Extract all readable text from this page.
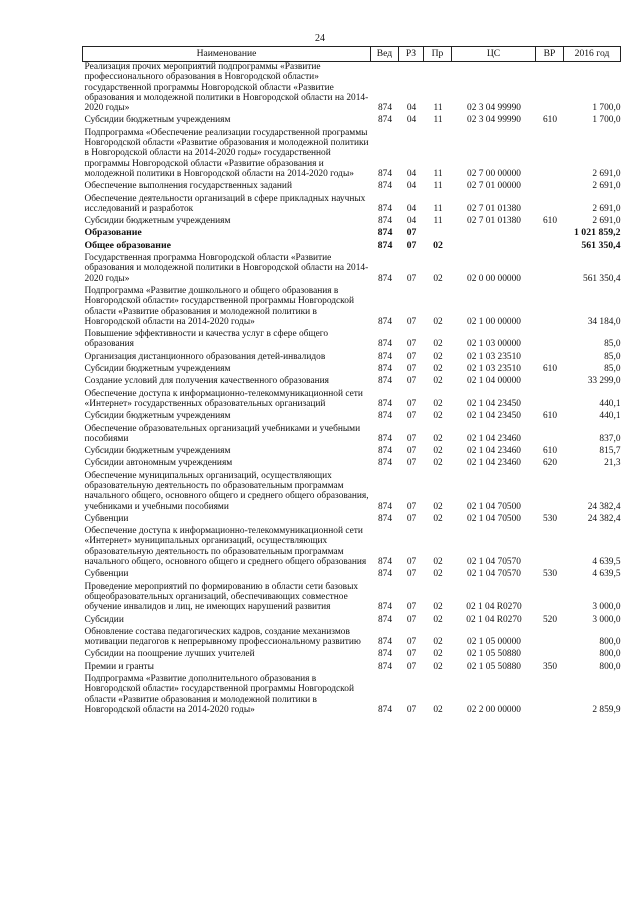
24
Наименование	Вед	РЗ	Пр	ЦС	ВР	2016 год
Реализация прочих мероприятий подпрограммы «Развитие профессионального образования в Новгородской области» государственной программы Новгородской области «Развитие образования и молодежной политики в Новгородской области на 2014-2020 годы»	874	04	11	02 3 04 99990		1 700,0
Субсидии бюджетным учреждениям	874	04	11	02 3 04 99990	610	1 700,0
Подпрограмма «Обеспечение реализации государственной программы Новгородской области «Развитие образования и молодежной политики в Новгородской области на 2014-2020 годы» государственной программы Новгородской области «Развитие образования и молодежной политики в Новгородской области на 2014-2020 годы»	874	04	11	02 7 00 00000		2 691,0
Обеспечение выполнения государственных заданий	874	04	11	02 7 01 00000		2 691,0
Обеспечение деятельности организаций в сфере прикладных научных исследований и разработок	874	04	11	02 7 01 01380		2 691,0
Субсидии бюджетным учреждениям	874	04	11	02 7 01 01380	610	2 691,0
Образование	874	07				1 021 859,2
Общее образование	874	07	02			561 350,4
Государственная программа Новгородской области «Развитие образования и молодежной политики в Новгородской области на 2014-2020 годы»	874	07	02	02 0 00 00000		561 350,4
Подпрограмма «Развитие дошкольного и общего образования в Новгородской области» государственной программы Новгородской области «Развитие образования и молодежной политики в Новгородской области на 2014-2020 годы»	874	07	02	02 1 00 00000		34 184,0
Повышение эффективности и качества услуг в сфере общего образования	874	07	02	02 1 03 00000		85,0
Организация дистанционного образования детей-инвалидов	874	07	02	02 1 03 23510		85,0
Субсидии бюджетным учреждениям	874	07	02	02 1 03 23510	610	85,0
Создание условий для получения качественного образования	874	07	02	02 1 04 00000		33 299,0
Обеспечение доступа к информационно-телекоммуникационной сети «Интернет» государственных образовательных организаций	874	07	02	02 1 04 23450		440,1
Субсидии бюджетным учреждениям	874	07	02	02 1 04 23450	610	440,1
Обеспечение образовательных организаций учебниками и учебными пособиями	874	07	02	02 1 04 23460		837,0
Субсидии бюджетным учреждениям	874	07	02	02 1 04 23460	610	815,7
Субсидии автономным учреждениям	874	07	02	02 1 04 23460	620	21,3
Обеспечение муниципальных организаций, осуществляющих образовательную деятельность по образовательным программам начального общего, основного общего и среднего общего образования, учебниками и учебными пособиями	874	07	02	02 1 04 70500		24 382,4
Субвенции	874	07	02	02 1 04 70500	530	24 382,4
Обеспечение доступа к информационно-телекоммуникационной сети «Интернет» муниципальных организаций, осуществляющих образовательную деятельность по образовательным программам начального общего, основного общего и среднего общего образования	874	07	02	02 1 04 70570		4 639,5
Субвенции	874	07	02	02 1 04 70570	530	4 639,5
Проведение мероприятий по формированию в области сети базовых общеобразовательных организаций, обеспечивающих совместное обучение инвалидов и лиц, не имеющих нарушений развития	874	07	02	02 1 04 R0270		3 000,0
Субсидии	874	07	02	02 1 04 R0270	520	3 000,0
Обновление состава педагогических кадров, создание механизмов мотивации педагогов к непрерывному профессиональному развитию	874	07	02	02 1 05 00000		800,0
Субсидии на поощрение лучших учителей	874	07	02	02 1 05 50880		800,0
Премии и гранты	874	07	02	02 1 05 50880	350	800,0
Подпрограмма «Развитие дополнительного образования в Новгородской области» государственной программы Новгородской области «Развитие образования и молодежной политики в Новгородской области на 2014-2020 годы»	874	07	02	02 2 00 00000		2 859,9
